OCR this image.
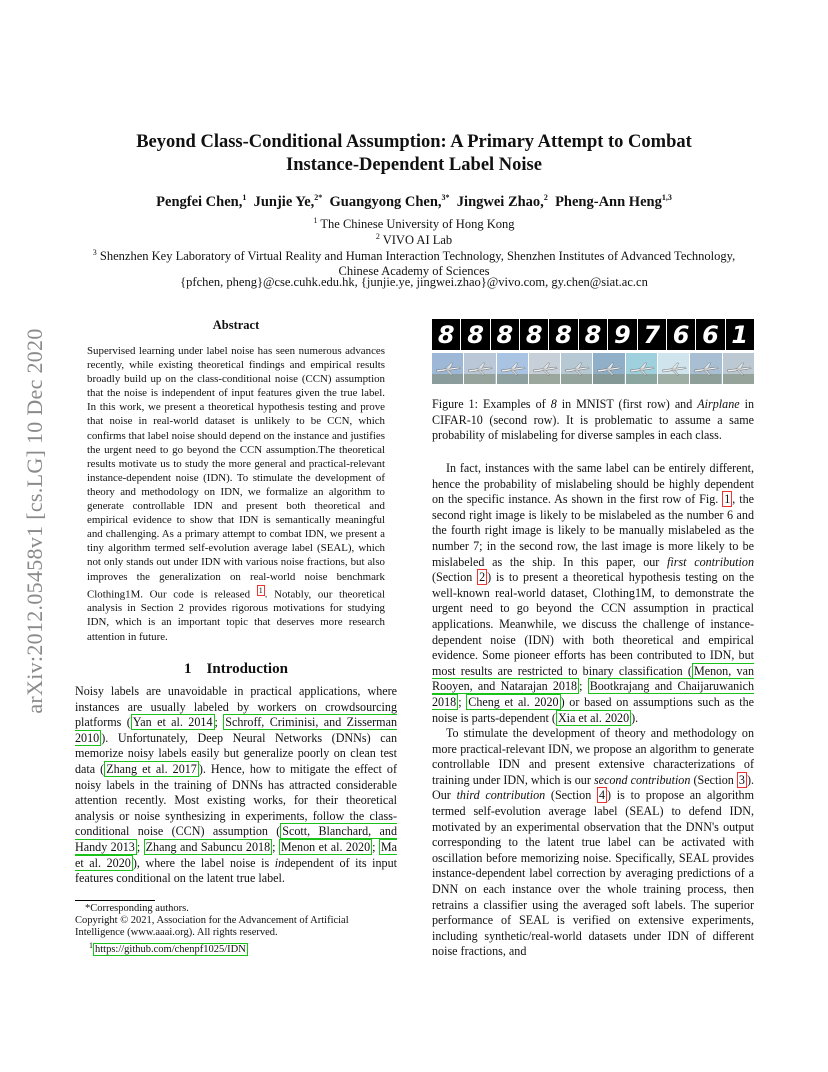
arXiv:2012.05458v1 [cs.LG] 10 Dec 2020
Beyond Class-Conditional Assumption: A Primary Attempt to Combat
Instance-Dependent Label Noise
Pengfei Chen,$^1$ Junjie Ye,$^{2*}$ Guangyong Chen,$^{3*}$ Jingwei Zhao,$^2$ Pheng-Ann Heng$^{1,3}$
$^1$ The Chinese University of Hong Kong
$^2$ VIVO AI Lab
$^3$ Shenzhen Key Laboratory of Virtual Reality and Human Interaction Technology, Shenzhen Institutes of Advanced Technology,
Chinese Academy of Sciences
{pfchen, pheng}@cse.cuhk.edu.hk, {junjie.ye, jingwei.zhao}@vivo.com, gy.chen@siat.ac.cn
Abstract
Supervised learning under label noise has seen numerous advances recently, while existing theoretical findings and empirical results broadly build up on the class-conditional noise (CCN) assumption that the noise is independent of input features given the true label. In this work, we present a theoretical hypothesis testing and prove that noise in real-world dataset is unlikely to be CCN, which confirms that label noise should depend on the instance and justifies the urgent need to go beyond the CCN assumption.The theoretical results motivate us to study the more general and practical-relevant instance-dependent noise (IDN). To stimulate the development of theory and methodology on IDN, we formalize an algorithm to generate controllable IDN and present both theoretical and empirical evidence to show that IDN is semantically meaningful and challenging. As a primary attempt to combat IDN, we present a tiny algorithm termed self-evolution average label (SEAL), which not only stands out under IDN with various noise fractions, but also improves the generalization on real-world noise benchmark Clothing1M. Our code is released $^1$ . Notably, our theoretical analysis in Section 2 provides rigorous motivations for studying IDN, which is an important topic that deserves more research attention in future.
1 Introduction

Noisy labels are unavoidable in practical applications, where instances are usually labeled by workers on crowdsourcing platforms ( Yan et al. 2014 ; Schroff, Criminisi, and Zisserman 2010 ). Unfortunately, Deep Neural Networks (DNNs) can memorize noisy labels easily but generalize poorly on clean test data ( Zhang et al. 2017 ). Hence, how to mitigate the effect of noisy labels in the training of DNNs has attracted considerable attention recently. Most existing works, for their theoretical analysis or noise synthesizing in experiments, follow the class-conditional noise (CCN) assumption ( Scott, Blanchard, and Handy 2013 ; Zhang and Sabuncu 2018 ; Menon et al. 2020 ; Ma et al. 2020 ), where the label noise is independent of its input features conditional on the latent true label.

*Corresponding authors.
Copyright © 2021, Association for the Advancement of Artificial Intelligence (www.aaai.org). All rights reserved.
$^1$ https://github.com/chenpf1025/IDN
8 8 8 8 8 8 9 7 6 6 1

Figure 1: Examples of 8 in MNIST (first row) and Airplane in CIFAR-10 (second row). It is problematic to assume a same probability of mislabeling for diverse samples in each class.

In fact, instances with the same label can be entirely different, hence the probability of mislabeling should be highly dependent on the specific instance. As shown in the first row of Fig. 1 , the second right image is likely to be mislabeled as the number 6 and the fourth right image is likely to be manually mislabeled as the number 7; in the second row, the last image is more likely to be mislabeled as the ship. In this paper, our first contribution (Section 2 ) is to present a theoretical hypothesis testing on the well-known real-world dataset, Clothing1M, to demonstrate the urgent need to go beyond the CCN assumption in practical applications. Meanwhile, we discuss the challenge of instance-dependent noise (IDN) with both theoretical and empirical evidence. Some pioneer efforts has been contributed to IDN, but most results are restricted to binary classification ( Menon, van Rooyen, and Natarajan 2018 ; Bootkrajang and Chaijaruwanich 2018 ; Cheng et al. 2020 ) or based on assumptions such as the noise is parts-dependent ( Xia et al. 2020 ).

To stimulate the development of theory and methodology on more practical-relevant IDN, we propose an algorithm to generate controllable IDN and present extensive characterizations of training under IDN, which is our second contribution (Section 3 ). Our third contribution (Section 4 ) is to propose an algorithm termed self-evolution average label (SEAL) to defend IDN, motivated by an experimental observation that the DNN's output corresponding to the latent true label can be activated with oscillation before memorizing noise. Specifically, SEAL provides instance-dependent label correction by averaging predictions of a DNN on each instance over the whole training process, then retrains a classifier using the averaged soft labels. The superior performance of SEAL is verified on extensive experiments, including synthetic/real-world datasets under IDN of different noise fractions, and
